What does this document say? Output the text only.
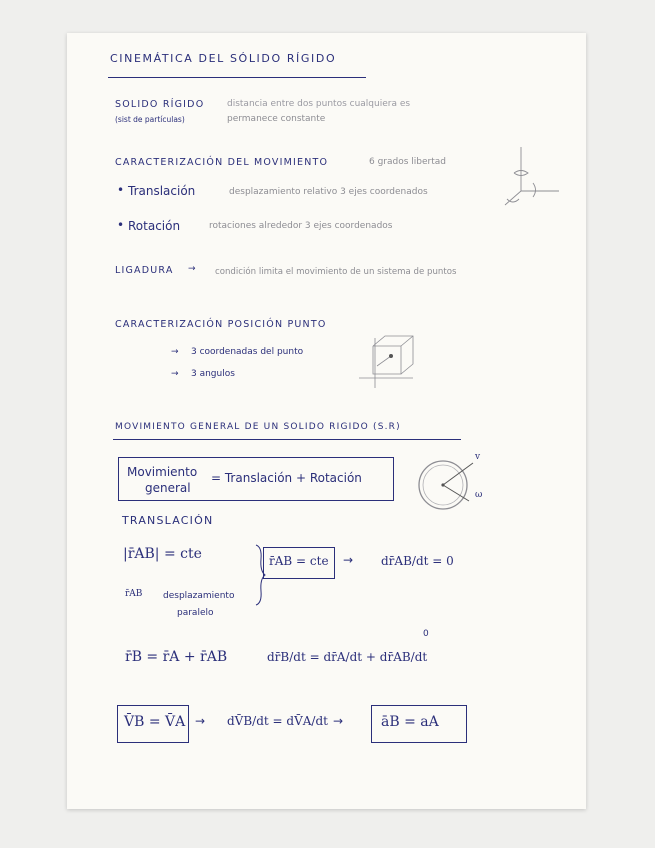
CINEMÁTICA DEL SÓLIDO RÍGIDO
SOLIDO RÍGIDO
(sist de partículas)
distancia entre dos puntos cualquiera es
permanece constante
CARACTERIZACIÓN DEL MOVIMIENTO	6 grados libertad
• Translación	desplazamiento relativo 3 ejes coordenados
• Rotación	rotaciones alrededor 3 ejes coordenados
LIGADURA → condición limita el movimiento de un sistema de puntos
CARACTERIZACIÓN POSICIÓN PUNTO
→ 3 coordenadas del punto
→ 3 angulos
MOVIMIENTO GENERAL DE UN SOLIDO RIGIDO (S.R)
Movimiento
general
= Translación + Rotación
v
ω
TRANSLACIÓN
|r̄AB| = cte
r̄AB desplazamiento
paralelo
r̄AB = cte → dr̄AB/dt = 0
r̄B = r̄A + r̄AB	dr̄B/dt = dr̄A/dt + dr̄AB/dt
0
V̄B = V̄A → dV̄B/dt = dV̄A/dt →	āB = aA
